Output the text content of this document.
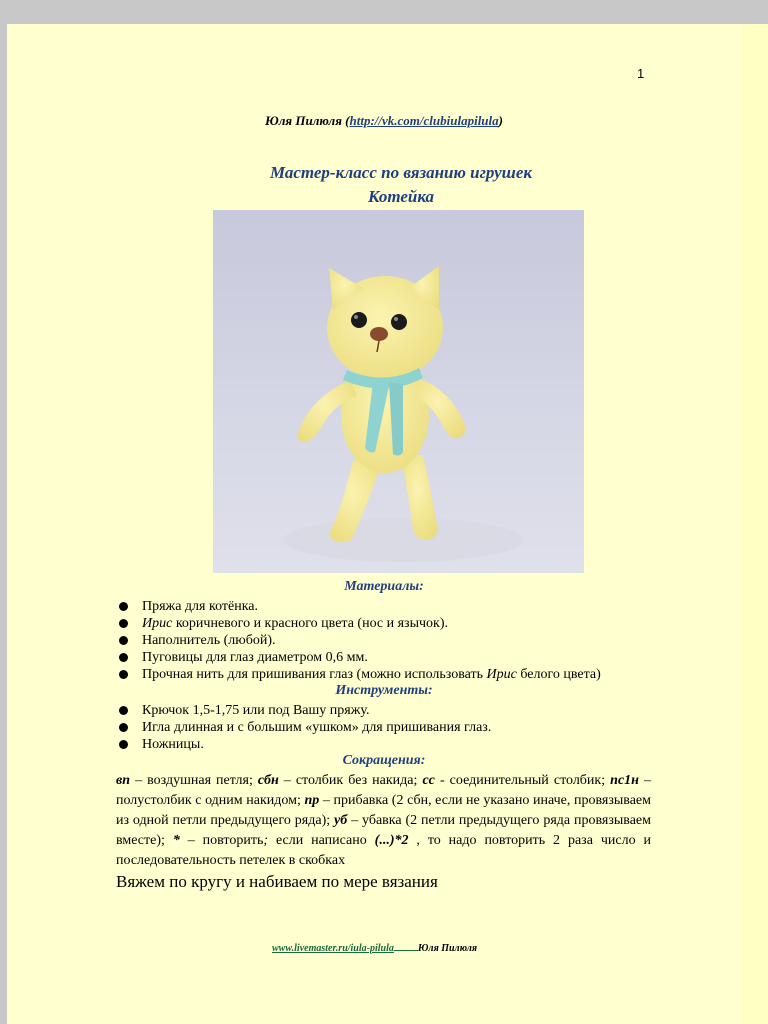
1
Юля Пилюля (http://vk.com/clubiulapilula)
Мастер-класс по вязанию игрушек
Котейка
Материалы:
Пряжа для котёнка.
Ирис коричневого и красного цвета (нос и язычок).
Наполнитель (любой).
Пуговицы для глаз диаметром 0,6 мм.
Прочная нить для пришивания глаз (можно использовать Ирис белого цвета)
Инструменты:
Крючок 1,5-1,75 или под Вашу пряжу.
Игла длинная и с большим «ушком» для пришивания глаз.
Ножницы.
Сокращения:
вп – воздушная петля; сбн – столбик без накида; сс - соединительный столбик; пс1н – полустолбик с одним накидом; пр – прибавка (2 сбн, если не указано иначе, провязываем из одной петли предыдущего ряда); уб – убавка (2 петли предыдущего ряда провязываем вместе); * – повторить; если написано (...)*2 , то надо повторить 2 раза число и последовательность петелек в скобках
Вяжем по кругу и набиваем по мере вязания
www.livemaster.ru/iula-pilula Юля Пилюля
